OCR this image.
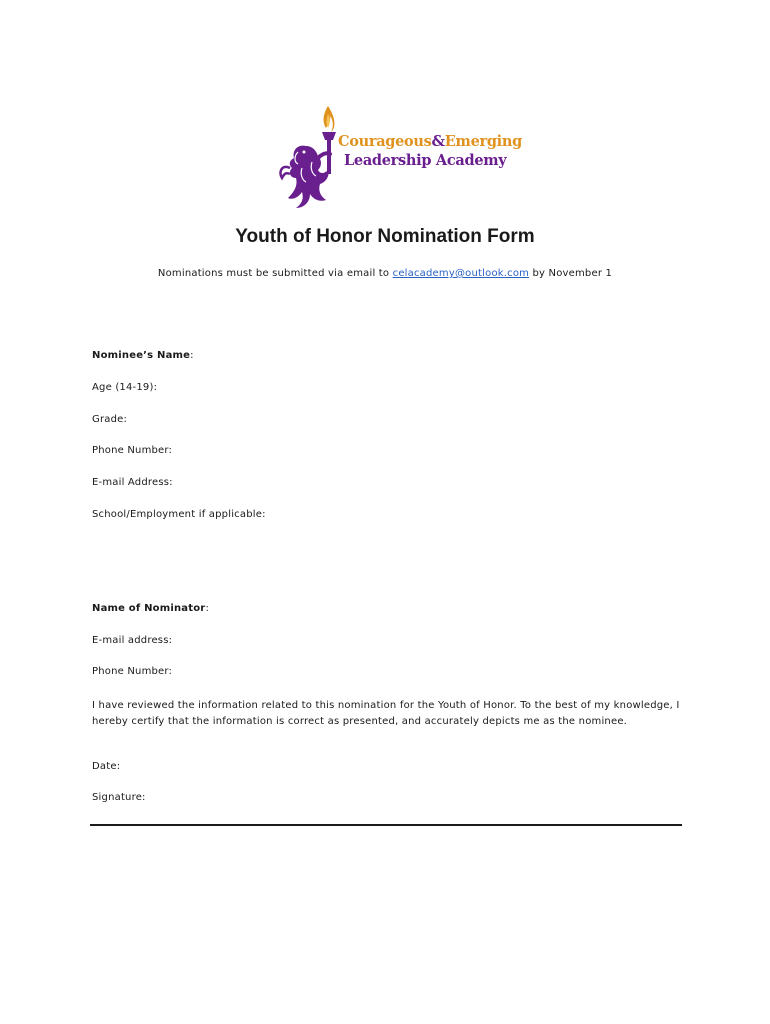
Courageous&Emerging
Leadership Academy
Youth of Honor Nomination Form
Nominations must be submitted via email to celacademy@outlook.com by November 1
Nominee’s Name:
Age (14-19):
Grade:
Phone Number:
E-mail Address:
School/Employment if applicable:
Name of Nominator:
E-mail address:
Phone Number:
I have reviewed the information related to this nomination for the Youth of Honor. To the best of my knowledge, I hereby certify that the information is correct as presented, and accurately depicts me as the nominee.
Date:
Signature:
